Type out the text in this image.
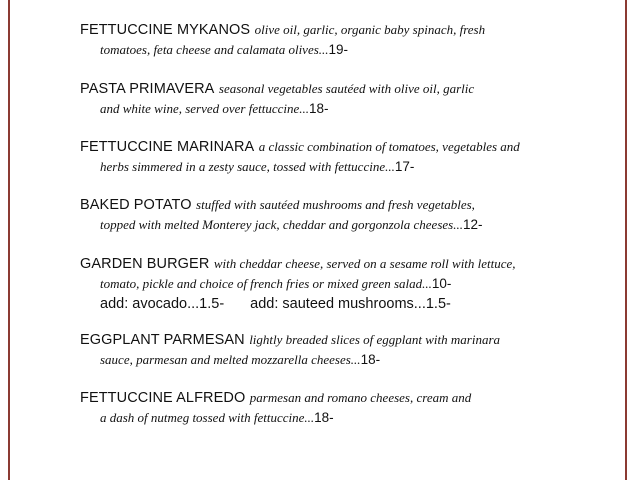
FETTUCCINE MYKANOS olive oil, garlic, organic baby spinach, fresh
tomatoes, feta cheese and calamata olives...19-
PASTA PRIMAVERA seasonal vegetables sautéed with olive oil, garlic
and white wine, served over fettuccine...18-
FETTUCCINE MARINARA a classic combination of tomatoes, vegetables and
herbs simmered in a zesty sauce, tossed with fettuccine...17-
BAKED POTATO stuffed with sautéed mushrooms and fresh vegetables,
topped with melted Monterey jack, cheddar and gorgonzola cheeses...12-
GARDEN BURGER with cheddar cheese, served on a sesame roll with lettuce,
tomato, pickle and choice of french fries or mixed green salad...10-
add: avocado...1.5- add: sauteed mushrooms...1.5-
EGGPLANT PARMESAN lightly breaded slices of eggplant with marinara
sauce, parmesan and melted mozzarella cheeses...18-
FETTUCCINE ALFREDO parmesan and romano cheeses, cream and
a dash of nutmeg tossed with fettuccine...18-
